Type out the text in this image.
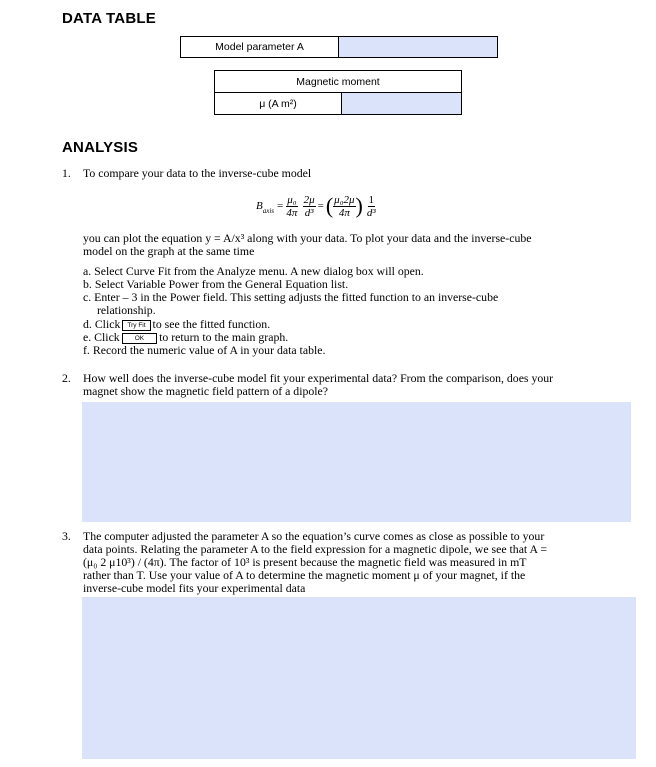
DATA TABLE
Model parameter A
Magnetic moment
μ (A m²)
ANALYSIS
1. To compare your data to the inverse-cube model
B axis = $\frac{\text{μ₀}}{4\pi} \frac{2\mu}{\text{d³}}$ = ( $\frac{\text{μ₀2μ}}{4\pi}$ ) $\frac{1}{\text{d³}}$
you can plot the equation y = A/x³ along with your data. To plot your data and the inverse-cube
model on the graph at the same time
a. Select Curve Fit from the Analyze menu. A new dialog box will open.
b. Select Variable Power from the General Equation list.
c. Enter – 3 in the Power field. This setting adjusts the fitted function to an inverse-cube
relationship.
d. Click Try Fit to see the fitted function.
e. Click OK to return to the main graph.
f. Record the numeric value of A in your data table.
2. How well does the inverse-cube model fit your experimental data? From the comparison, does your
magnet show the magnetic field pattern of a dipole?
3. The computer adjusted the parameter A so the equation’s curve comes as close as possible to your
data points. Relating the parameter A to the field expression for a magnetic dipole, we see that A =
(μ₀ 2 μ10³) / (4π). The factor of 10³ is present because the magnetic field was measured in mT
rather than T. Use your value of A to determine the magnetic moment μ of your magnet, if the
inverse-cube model fits your experimental data
